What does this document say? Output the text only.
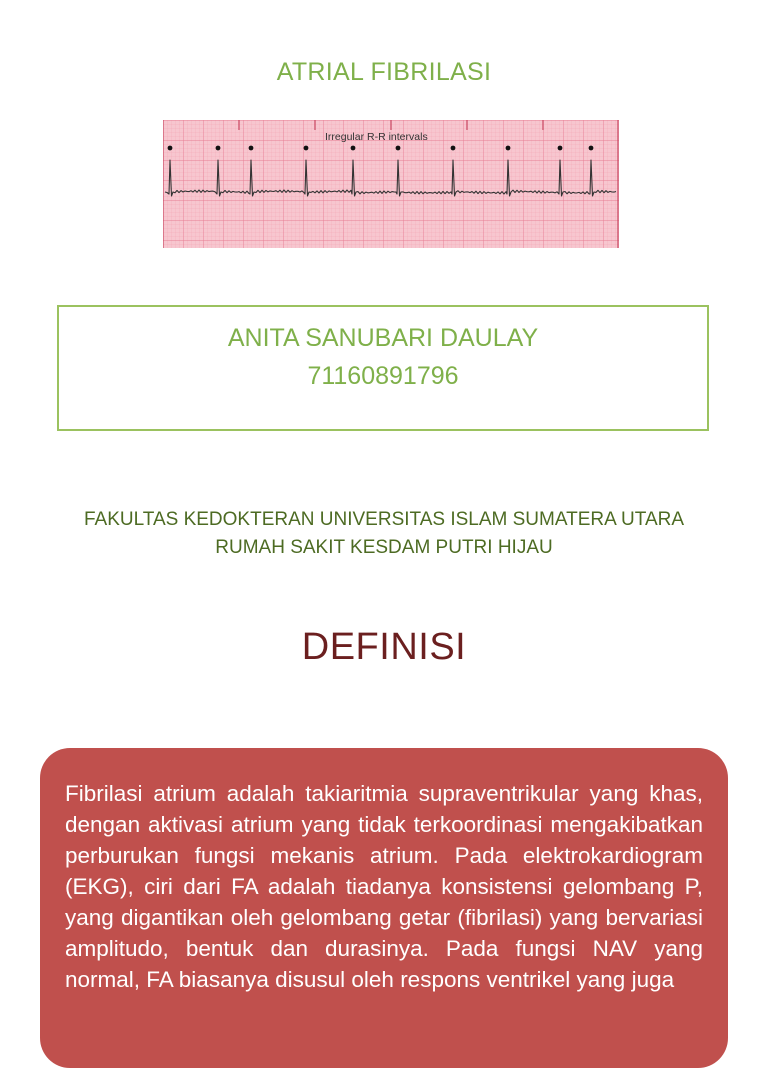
ATRIAL FIBRILASI
Irregular R-R intervals
ANITA SANUBARI DAULAY
71160891796
FAKULTAS KEDOKTERAN UNIVERSITAS ISLAM SUMATERA UTARA
RUMAH SAKIT KESDAM PUTRI HIJAU
DEFINISI

Fibrilasi atrium adalah takiaritmia supraventrikular yang khas, dengan aktivasi atrium yang tidak terkoordinasi mengakibatkan perburukan fungsi mekanis atrium. Pada elektrokardiogram (EKG), ciri dari FA adalah tiadanya konsistensi gelombang P, yang digantikan oleh gelombang getar (fibrilasi) yang bervariasi amplitudo, bentuk dan durasinya. Pada fungsi NAV yang normal, FA biasanya disusul oleh respons ventrikel yang juga
